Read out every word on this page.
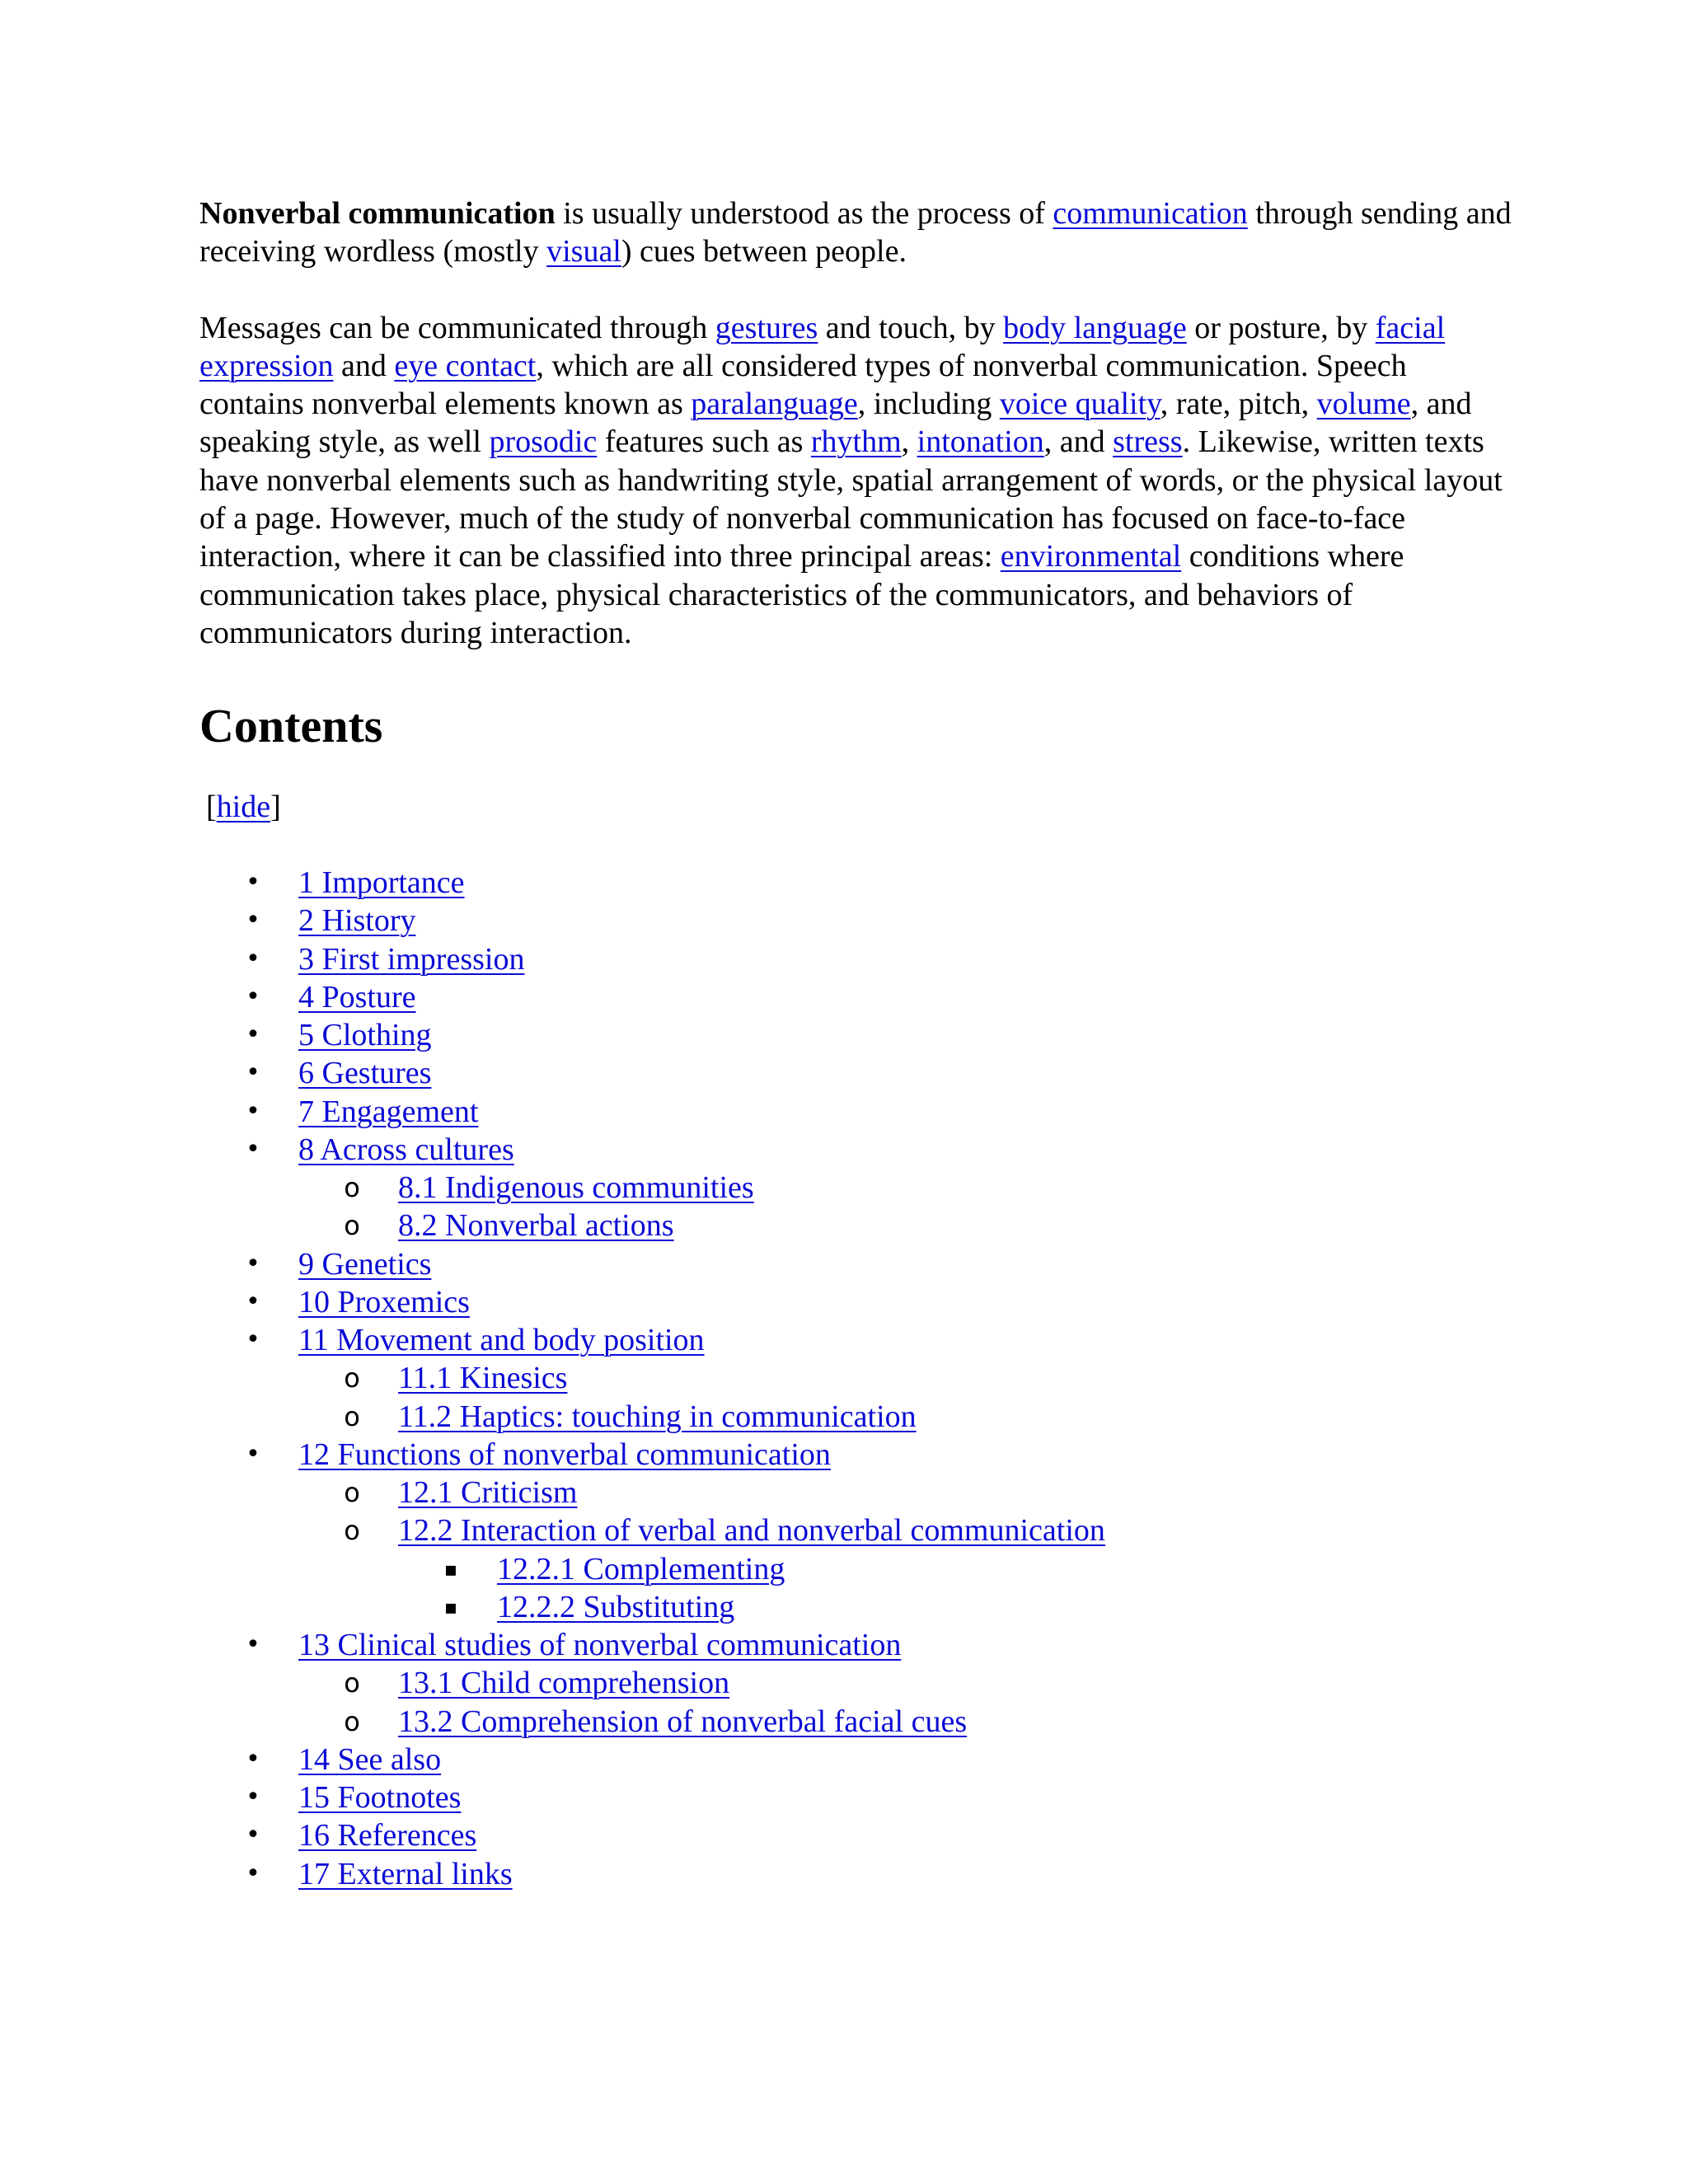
Nonverbal communication is usually understood as the process of communication through sending and receiving wordless (mostly visual) cues between people.

Messages can be communicated through gestures and touch, by body language or posture, by facial expression and eye contact, which are all considered types of nonverbal communication. Speech contains nonverbal elements known as paralanguage, including voice quality, rate, pitch, volume, and speaking style, as well prosodic features such as rhythm, intonation, and stress. Likewise, written texts have nonverbal elements such as handwriting style, spatial arrangement of words, or the physical layout of a page. However, much of the study of nonverbal communication has focused on face-to-face interaction, where it can be classified into three principal areas: environmental conditions where communication takes place, physical characteristics of the communicators, and behaviors of communicators during interaction.

Contents
[hide]
• 1 Importance
• 2 History
• 3 First impression
• 4 Posture
• 5 Clothing
• 6 Gestures
• 7 Engagement
• 8 Across cultures
o 8.1 Indigenous communities
o 8.2 Nonverbal actions
• 9 Genetics
• 10 Proxemics
• 11 Movement and body position
o 11.1 Kinesics
o 11.2 Haptics: touching in communication
• 12 Functions of nonverbal communication
o 12.1 Criticism
o 12.2 Interaction of verbal and nonverbal communication
▪ 12.2.1 Complementing
▪ 12.2.2 Substituting
• 13 Clinical studies of nonverbal communication
o 13.1 Child comprehension
o 13.2 Comprehension of nonverbal facial cues
• 14 See also
• 15 Footnotes
• 16 References
• 17 External links
